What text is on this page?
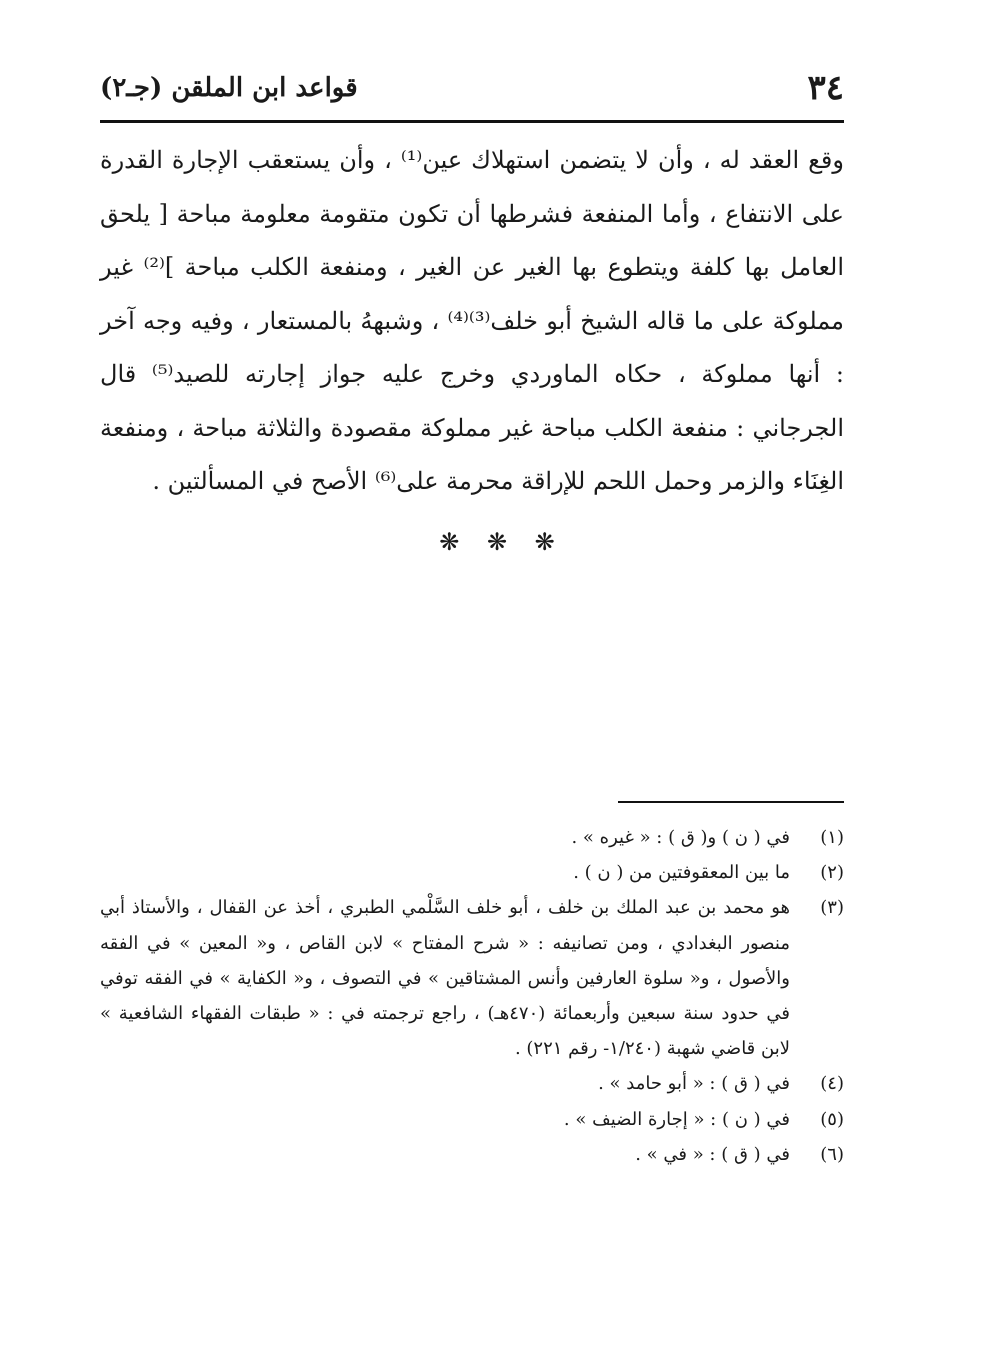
٣٤
قواعد ابن الملقن (جـ٢)

وقع العقد له ، وأن لا يتضمن استهلاك عين⁽¹⁾ ، وأن يستعقب الإجارة القدرة على الانتفاع ، وأما المنفعة فشرطها أن تكون متقومة معلومة مباحة [ يلحق العامل بها كلفة ويتطوع بها الغير عن الغير ، ومنفعة الكلب مباحة ]⁽²⁾ غير مملوكة على ما قاله الشيخ أبو خلف⁽³⁾⁽⁴⁾ ، وشبههُ بالمستعار ، وفيه وجه آخر : أنها مملوكة ، حكاه الماوردي وخرج عليه جواز إجارته للصيد⁽⁵⁾ قال الجرجاني : منفعة الكلب مباحة غير مملوكة مقصودة والثلاثة مباحة ، ومنفعة الغِنَاء والزمر وحمل اللحم للإراقة محرمة على⁽⁶⁾ الأصح في المسألتين .

❋ ❋ ❋
(١)
في ( ن ) و( ق ) : « غيره » .
(٢)
ما بين المعقوفتين من ( ن ) .
(٣)
هو محمد بن عبد الملك بن خلف ، أبو خلف السَّلْمي الطبري ، أخذ عن القفال ، والأستاذ أبي منصور البغدادي ، ومن تصانيفه : « شرح المفتاح » لابن القاص ، و« المعين » في الفقه والأصول ، و« سلوة العارفين وأنس المشتاقين » في التصوف ، و« الكفاية » في الفقه توفي في حدود سنة سبعين وأربعمائة (٤٧٠هـ) ، راجع ترجمته في : « طبقات الفقهاء الشافعية » لابن قاضي شهبة (١/٢٤٠- رقم ٢٢١) .
(٤)
في ( ق ) : « أبو حامد » .
(٥)
في ( ن ) : « إجارة الضيف » .
(٦)
في ( ق ) : « في » .
